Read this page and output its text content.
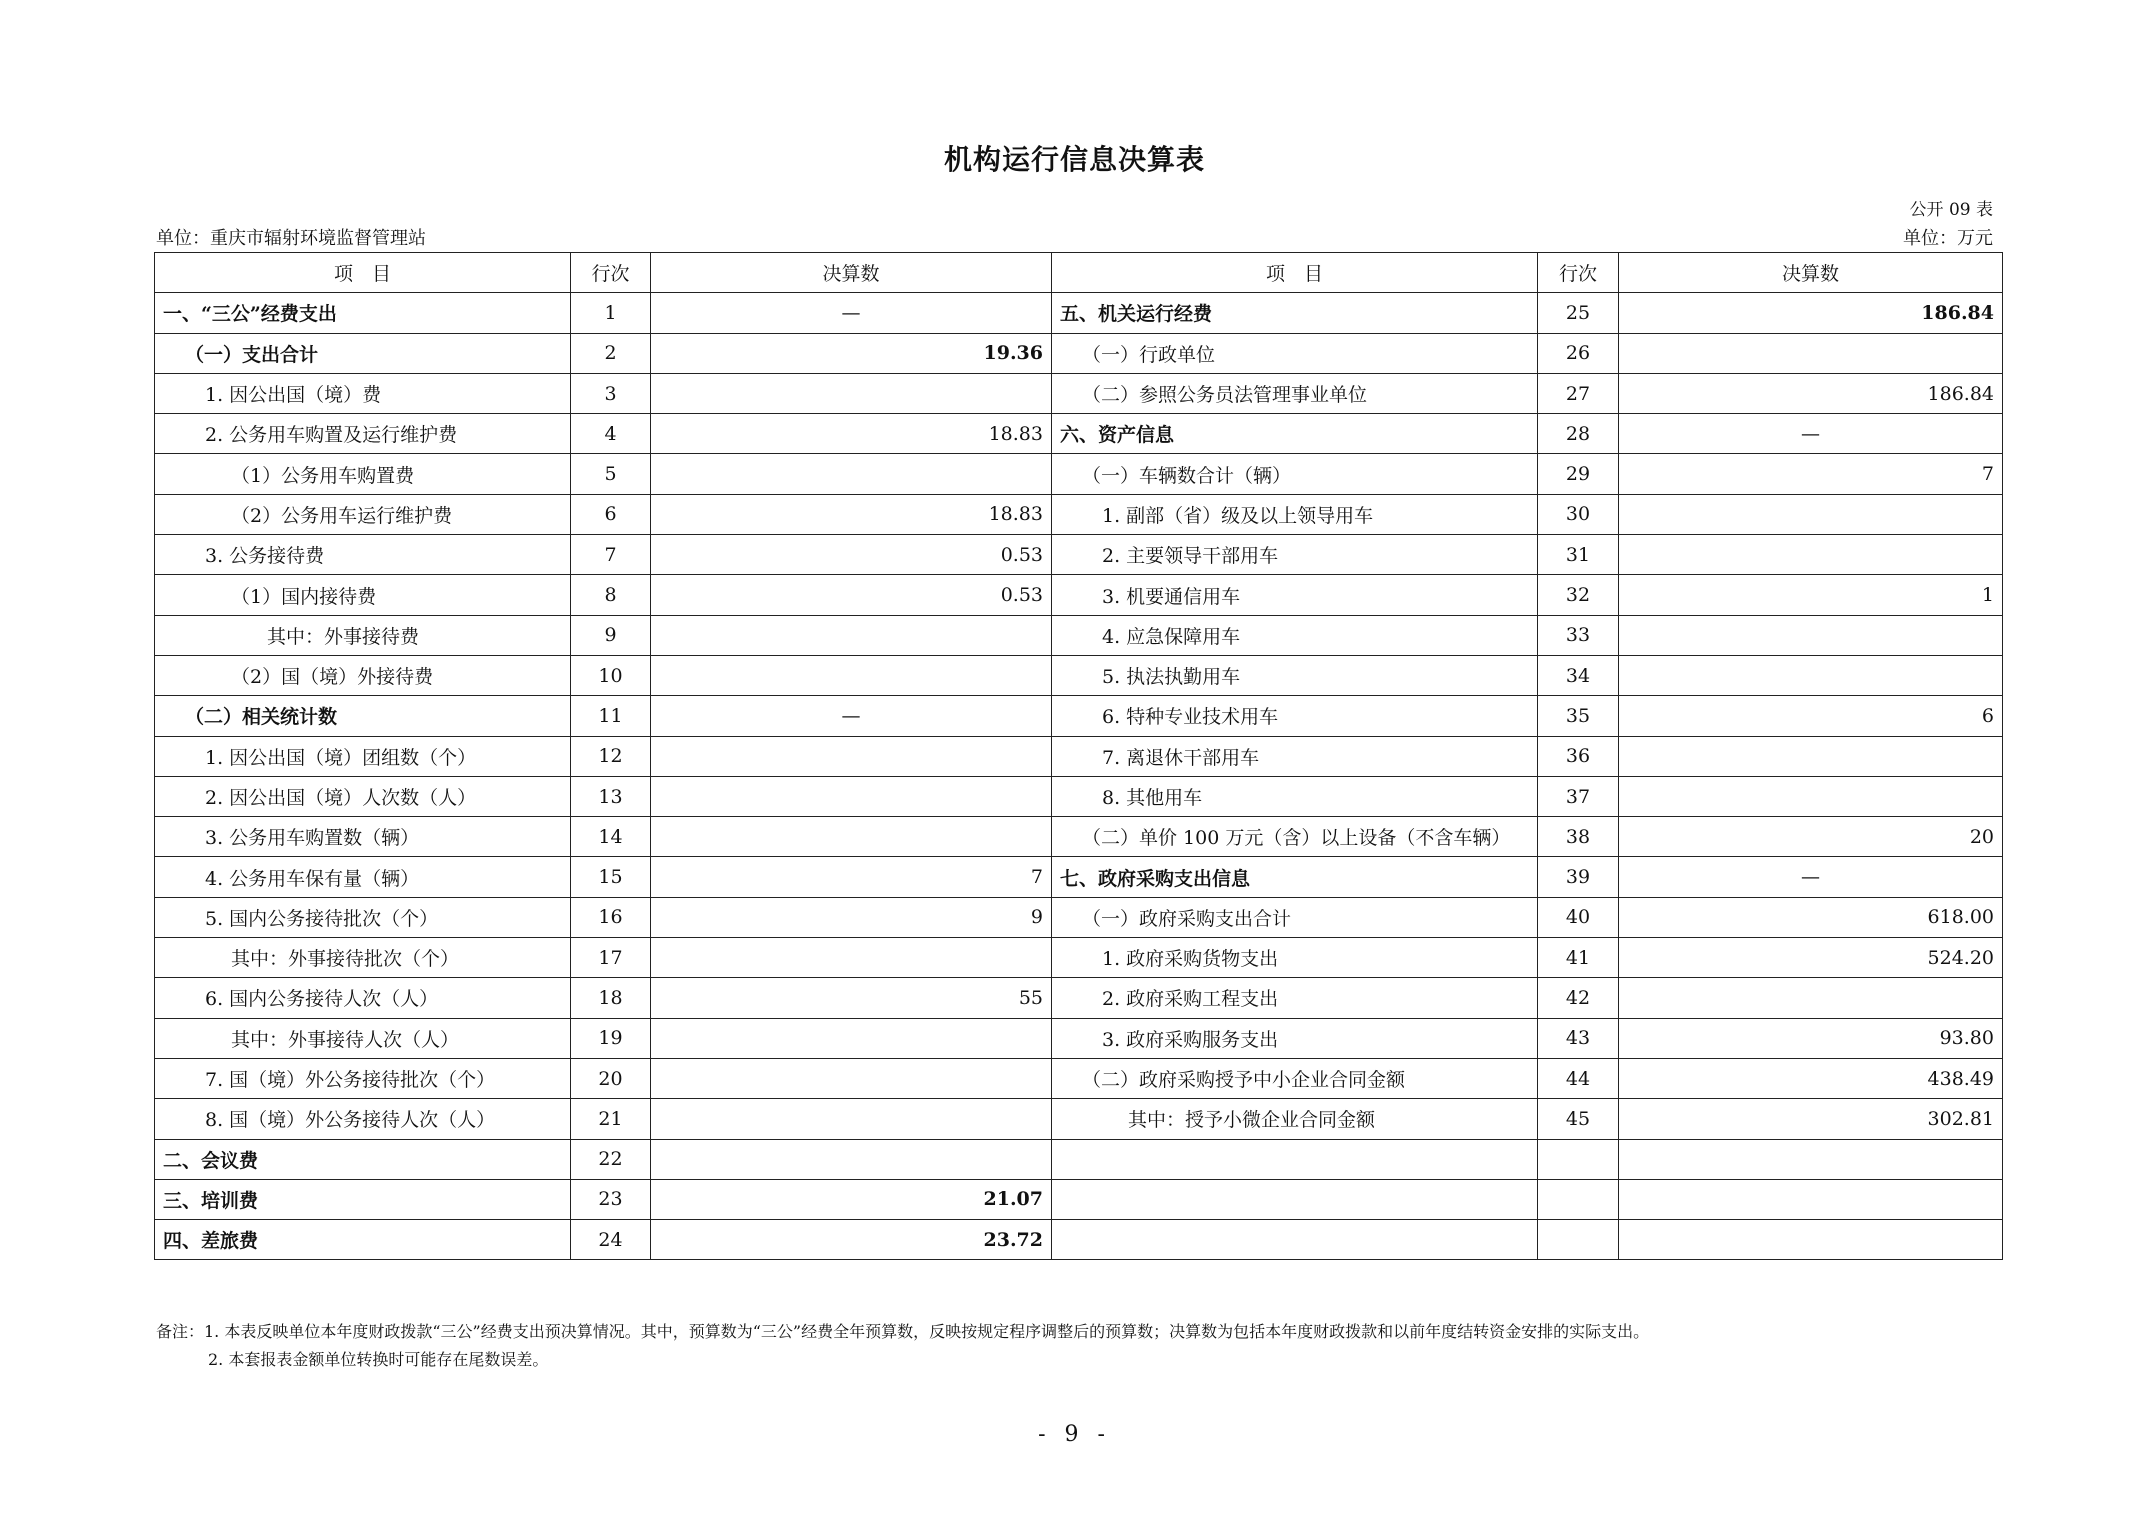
机构运行信息决算表
公开 09 表
单位：重庆市辐射环境监督管理站	单位：万元
项　目	行次	决算数	项　目	行次	决算数
一、“三公”经费支出	1	—	五、机关运行经费	25	186.84
（一）支出合计	2	19.36	（一）行政单位	26	
1. 因公出国（境）费	3		（二）参照公务员法管理事业单位	27	186.84
2. 公务用车购置及运行维护费	4	18.83	六、资产信息	28	—
（1）公务用车购置费	5		（一）车辆数合计（辆）	29	7
（2）公务用车运行维护费	6	18.83	1. 副部（省）级及以上领导用车	30	
3. 公务接待费	7	0.53	2. 主要领导干部用车	31	
（1）国内接待费	8	0.53	3. 机要通信用车	32	1
其中：外事接待费	9		4. 应急保障用车	33	
（2）国（境）外接待费	10		5. 执法执勤用车	34	
（二）相关统计数	11	—	6. 特种专业技术用车	35	6
1. 因公出国（境）团组数（个）	12		7. 离退休干部用车	36	
2. 因公出国（境）人次数（人）	13		8. 其他用车	37	
3. 公务用车购置数（辆）	14		（二）单价 100 万元（含）以上设备（不含车辆）	38	20
4. 公务用车保有量（辆）	15	7	七、政府采购支出信息	39	—
5. 国内公务接待批次（个）	16	9	（一）政府采购支出合计	40	618.00
其中：外事接待批次（个）	17		1. 政府采购货物支出	41	524.20
6. 国内公务接待人次（人）	18	55	2. 政府采购工程支出	42	
其中：外事接待人次（人）	19		3. 政府采购服务支出	43	93.80
7. 国（境）外公务接待批次（个）	20		（二）政府采购授予中小企业合同金额	44	438.49
8. 国（境）外公务接待人次（人）	21		其中：授予小微企业合同金额	45	302.81
二、会议费	22				
三、培训费	23	21.07			
四、差旅费	24	23.72			
备注：1. 本表反映单位本年度财政拨款“三公”经费支出预决算情况。其中，预算数为“三公”经费全年预算数，反映按规定程序调整后的预算数；决算数为包括本年度财政拨款和以前年度结转资金安排的实际支出。
2. 本套报表金额单位转换时可能存在尾数误差。
- 9 -
